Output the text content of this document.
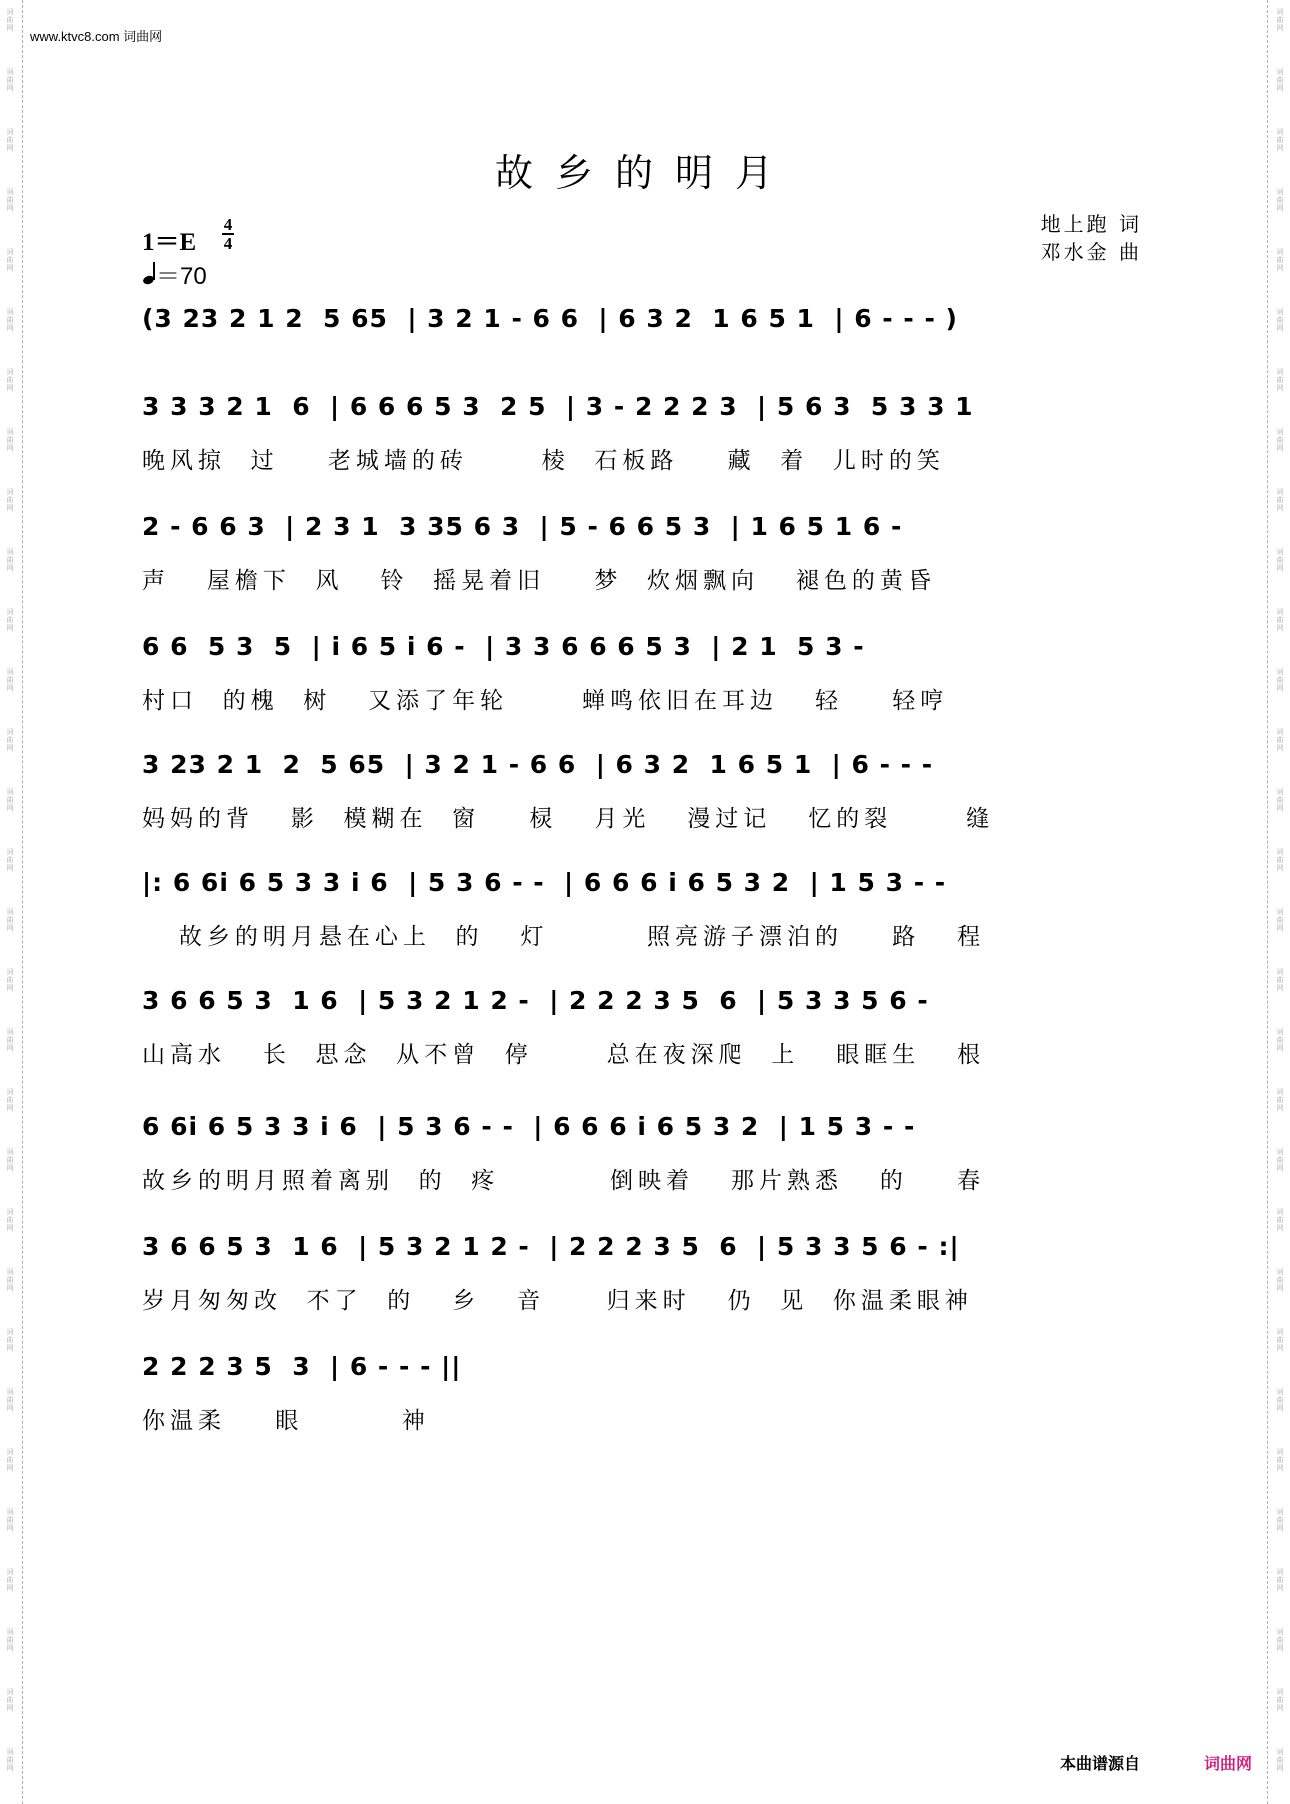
词曲网
词曲网
词曲网
词曲网
词曲网
词曲网
词曲网
词曲网
词曲网
词曲网
词曲网
词曲网
词曲网
词曲网
词曲网
词曲网
词曲网
词曲网
词曲网
词曲网
词曲网
词曲网
词曲网
词曲网
词曲网
词曲网
词曲网
词曲网
词曲网
词曲网
词曲网
词曲网
词曲网
词曲网
词曲网
词曲网
词曲网
词曲网
词曲网
词曲网
词曲网
词曲网
词曲网
词曲网
词曲网
词曲网
词曲网
词曲网
词曲网
词曲网
词曲网
词曲网
词曲网
词曲网
词曲网
词曲网
词曲网
词曲网
词曲网
词曲网
www.ktvc8.com 词曲网
故乡的明月
1＝E
4
4
＝70
地上跑 词
邓水金 曲
(3 23 2 1 2  5 65  | 3 2 1 - 6 6  | 6 3 2  1 6 5 1  | 6 - - - )
3 3 3 2 1  6  | 6 6 6 5 3  2 5  | 3 - 2 2 2 3  | 5 6 3  5 3 3 1
晚风掠  过    老城墙的砖      棱  石板路    藏  着  儿时的笑
2 - 6 6 3  | 2 3 1  3 35 6 3  | 5 - 6 6 5 3  | 1 6 5 1 6 -
声   屋檐下  风   铃  摇晃着旧    梦  炊烟飘向   褪色的黄昏
6 6  5 3  5  | i 6 5 i 6 -  | 3 3 6 6 6 5 3  | 2 1  5 3 -
村口  的槐  树   又添了年轮      蝉鸣依旧在耳边   轻    轻哼
3 23 2 1  2  5 65  | 3 2 1 - 6 6  | 6 3 2  1 6 5 1  | 6 - - -
妈妈的背   影  模糊在  窗    棂   月光   漫过记   忆的裂      缝
|: 6 6i 6 5 3 3 i 6  | 5 3 6 - -  | 6 6 6 i 6 5 3 2  | 1 5 3 - -
故乡的明月悬在心上  的   灯        照亮游子漂泊的    路   程
3 6 6 5 3  1 6  | 5 3 2 1 2 -  | 2 2 2 3 5  6  | 5 3 3 5 6 -
山高水   长  思念  从不曾  停      总在夜深爬  上   眼眶生   根
6 6i 6 5 3 3 i 6  | 5 3 6 - -  | 6 6 6 i 6 5 3 2  | 1 5 3 - -
故乡的明月照着离别  的  疼         倒映着   那片熟悉   的    春
3 6 6 5 3  1 6  | 5 3 2 1 2 -  | 2 2 2 3 5  6  | 5 3 3 5 6 - :|
岁月匆匆改  不了  的   乡   音     归来时   仍  见  你温柔眼神
2 2 2 3 5  3  | 6 - - - ||
你温柔    眼        神
本曲谱源自	词曲网
